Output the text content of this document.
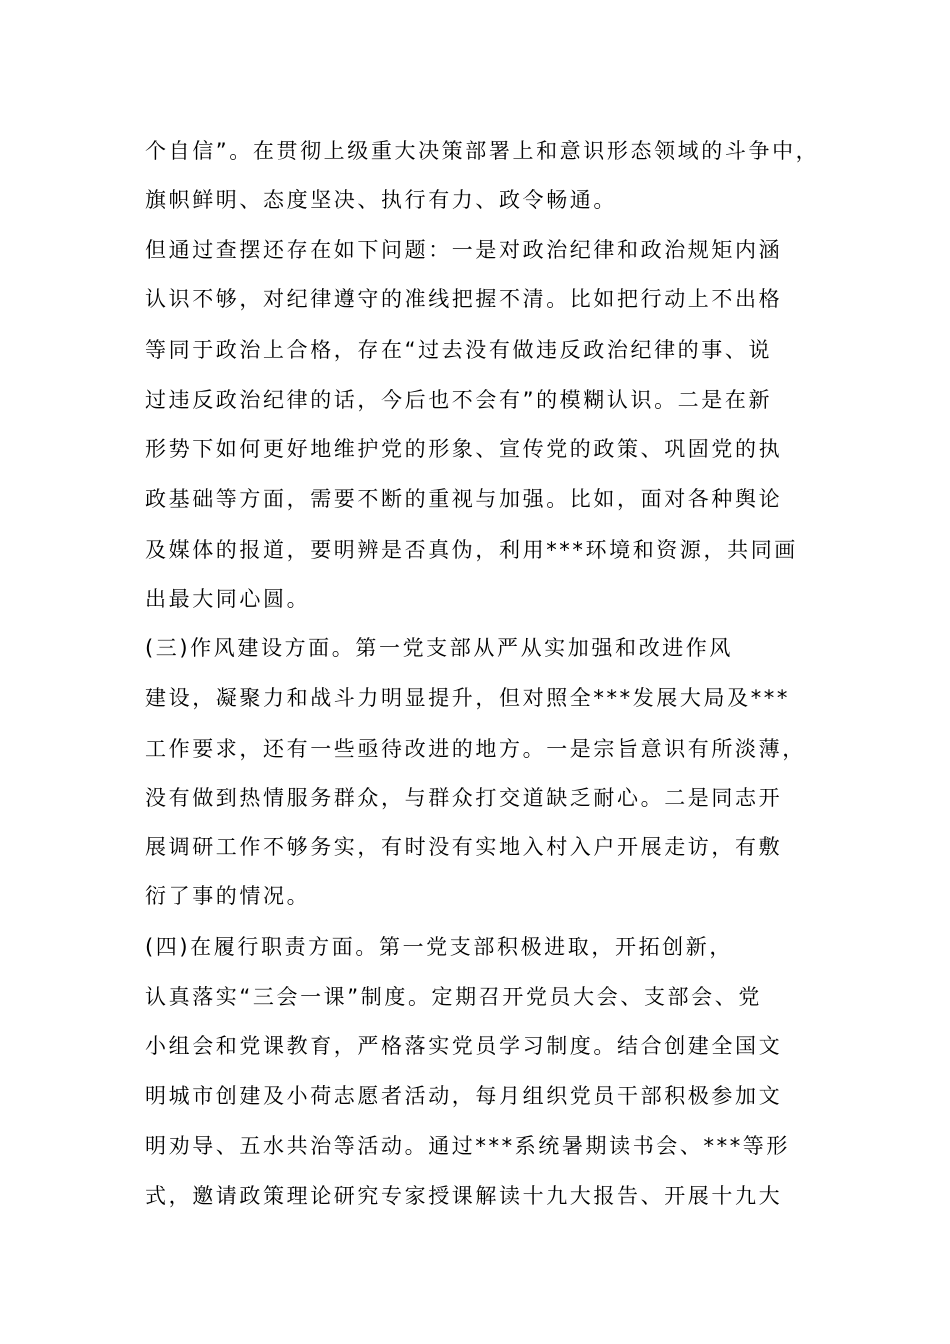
个自信”。在贯彻上级重大决策部署上和意识形态领域的斗争中，
旗帜鲜明、态度坚决、执行有力、政令畅通。
但通过查摆还存在如下问题：一是对政治纪律和政治规矩内涵
认识不够，对纪律遵守的准线把握不清。比如把行动上不出格
等同于政治上合格，存在“过去没有做违反政治纪律的事、说
过违反政治纪律的话，今后也不会有”的模糊认识。二是在新
形势下如何更好地维护党的形象、宣传党的政策、巩固党的执
政基础等方面，需要不断的重视与加强。比如，面对各种舆论
及媒体的报道，要明辨是否真伪，利用***环境和资源，共同画
出最大同心圆。
(三)作风建设方面。第一党支部从严从实加强和改进作风
建设，凝聚力和战斗力明显提升，但对照全***发展大局及***
工作要求，还有一些亟待改进的地方。一是宗旨意识有所淡薄，
没有做到热情服务群众，与群众打交道缺乏耐心。二是同志开
展调研工作不够务实，有时没有实地入村入户开展走访，有敷
衍了事的情况。
(四)在履行职责方面。第一党支部积极进取，开拓创新，
认真落实“三会一课”制度。定期召开党员大会、支部会、党
小组会和党课教育，严格落实党员学习制度。结合创建全国文
明城市创建及小荷志愿者活动，每月组织党员干部积极参加文
明劝导、五水共治等活动。通过***系统暑期读书会、***等形
式，邀请政策理论研究专家授课解读十九大报告、开展十九大
